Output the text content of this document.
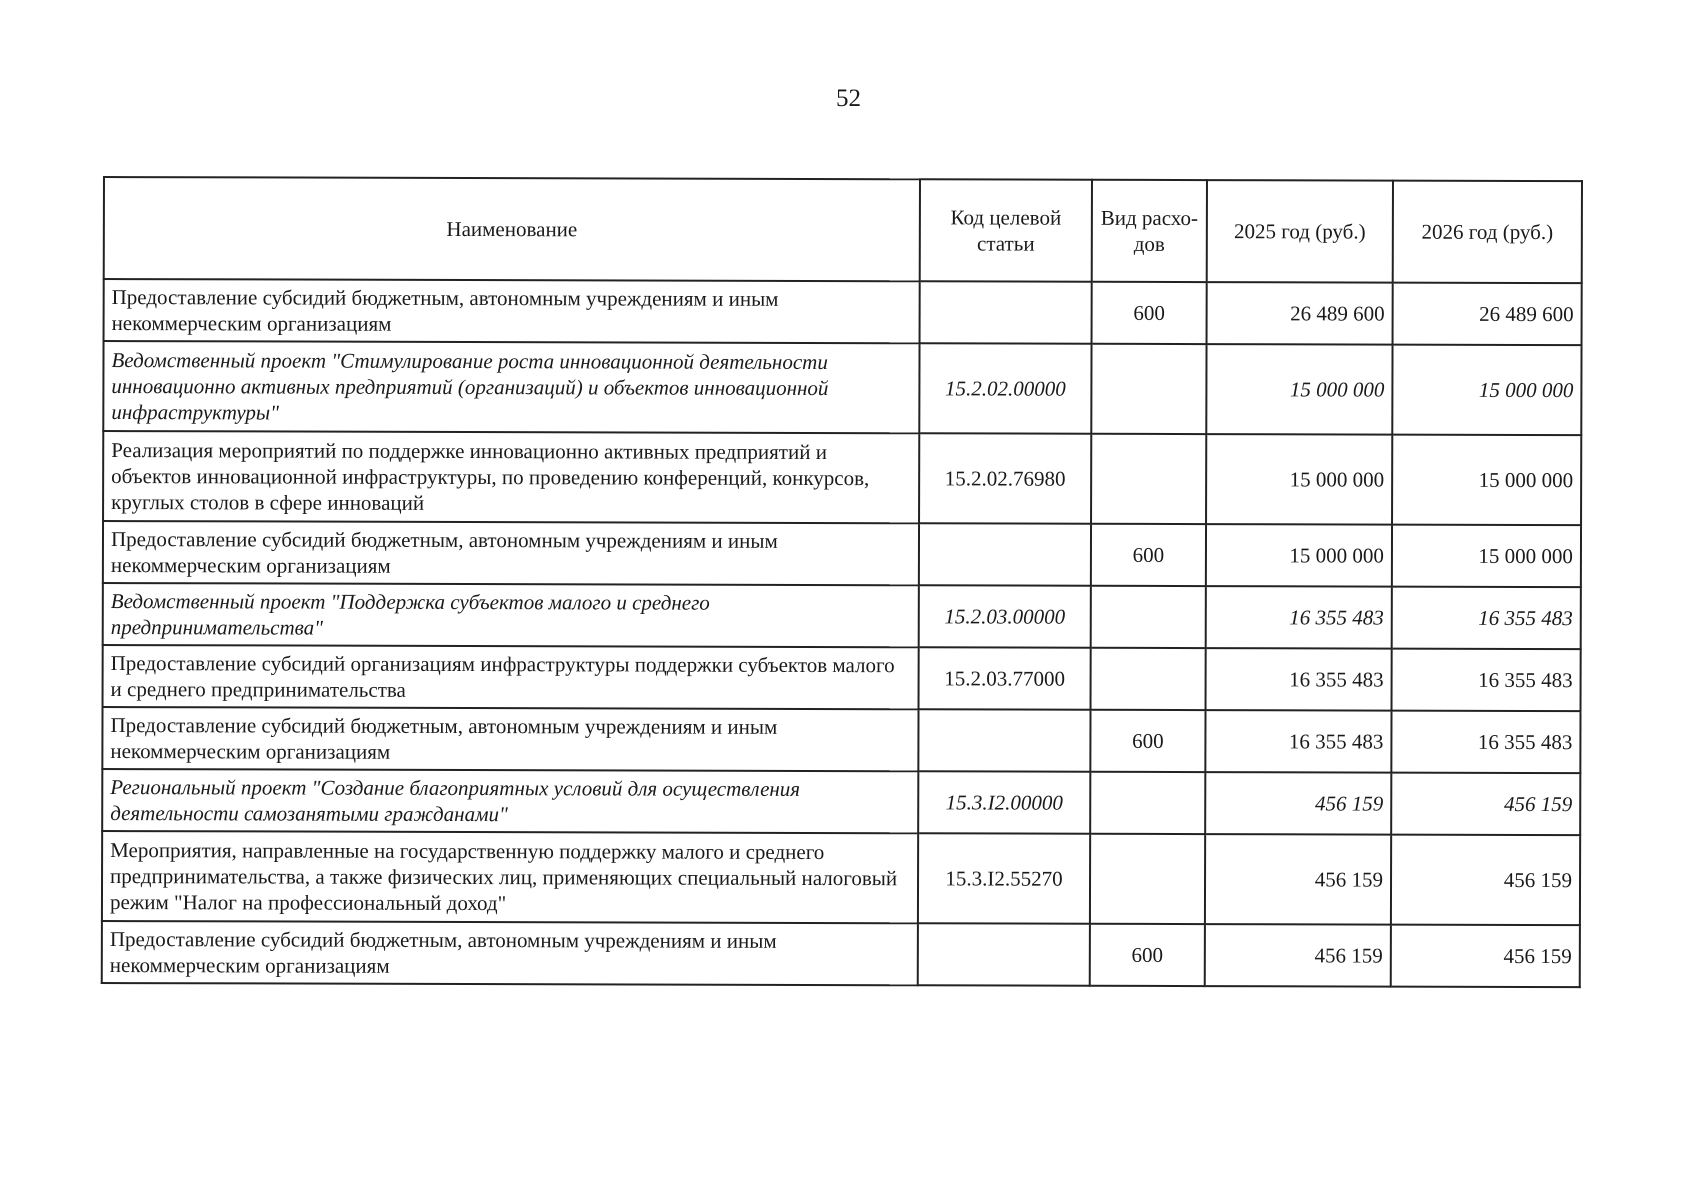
52
Наименование	Код целевой статьи	Вид расхо-дов	2025 год (руб.)	2026 год (руб.)
Предоставление субсидий бюджетным, автономным учреждениям и иным некоммерческим организациям		600	26 489 600	26 489 600
Ведомственный проект "Стимулирование роста инновационной деятельности инновационно активных предприятий (организаций) и объектов инновационной инфраструктуры"	15.2.02.00000		15 000 000	15 000 000
Реализация мероприятий по поддержке инновационно активных предприятий и объектов инновационной инфраструктуры, по проведению конференций, конкурсов, круглых столов в сфере инноваций	15.2.02.76980		15 000 000	15 000 000
Предоставление субсидий бюджетным, автономным учреждениям и иным некоммерческим организациям		600	15 000 000	15 000 000
Ведомственный проект "Поддержка субъектов малого и среднего предпринимательства"	15.2.03.00000		16 355 483	16 355 483
Предоставление субсидий организациям инфраструктуры поддержки субъектов малого и среднего предпринимательства	15.2.03.77000		16 355 483	16 355 483
Предоставление субсидий бюджетным, автономным учреждениям и иным некоммерческим организациям		600	16 355 483	16 355 483
Региональный проект "Создание благоприятных условий для осуществления деятельности самозанятыми гражданами"	15.3.I2.00000		456 159	456 159
Мероприятия, направленные на государственную поддержку малого и среднего предпринимательства, а также физических лиц, применяющих специальный налоговый режим "Налог на профессиональный доход"	15.3.I2.55270		456 159	456 159
Предоставление субсидий бюджетным, автономным учреждениям и иным некоммерческим организациям		600	456 159	456 159
